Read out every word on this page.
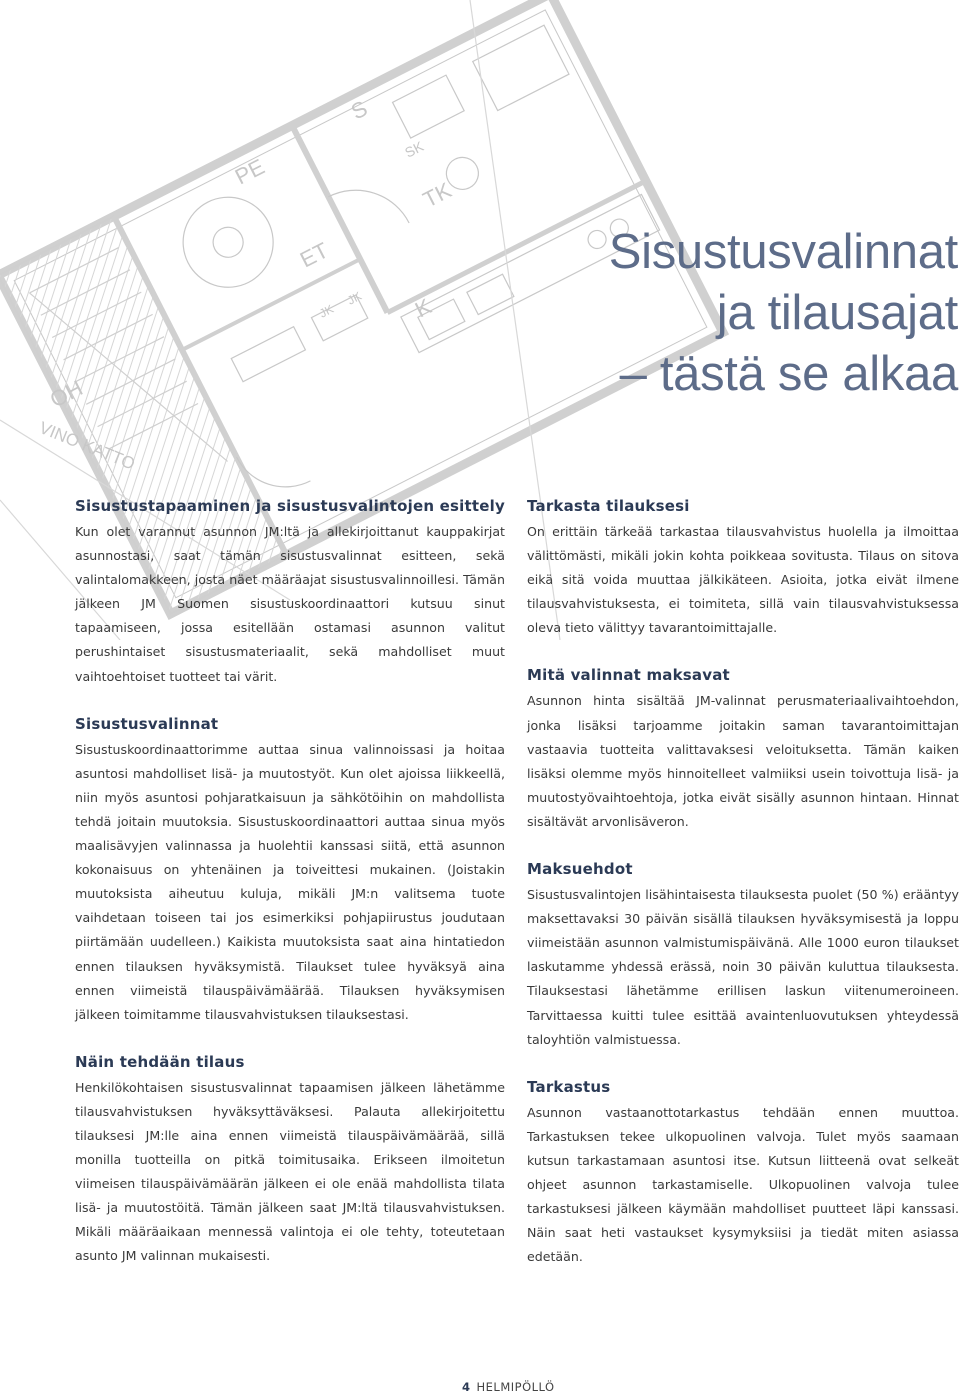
PE
S
SK
TK
ET
K
OH
VINO KATTO
JK
JK
Sisustusvalinnat
ja tilausajat
– tästä se alkaa
Sisustustapaaminen ja sisustusvalintojen esittely

Kun olet varannut asunnon JM:ltä ja allekirjoittanut kauppakirjat asunnostasi, saat tämän sisustusvalinnat esitteen, sekä valintalomakkeen, josta näet määräajat sisustusvalinnoillesi. Tämän jälkeen JM Suomen sisustuskoordinaattori kutsuu sinut tapaamiseen, jossa esitellään ostamasi asunnon valitut perushintaiset sisustusmateriaalit, sekä mahdolliset muut vaihtoehtoiset tuotteet tai värit.

Sisustusvalinnat

Sisustuskoordinaattorimme auttaa sinua valinnoissasi ja hoitaa asuntosi mahdolliset lisä- ja muutostyöt. Kun olet ajoissa liikkeellä, niin myös asuntosi pohjaratkaisuun ja sähkötöihin on mahdollista tehdä joitain muutoksia. Sisustuskoordinaattori auttaa sinua myös maalisävyjen valinnassa ja huolehtii kanssasi siitä, että asunnon kokonaisuus on yhtenäinen ja toiveittesi mukainen. (Joistakin muutoksista aiheutuu kuluja, mikäli JM:n valitsema tuote vaihdetaan toiseen tai jos esimerkiksi pohjapiirustus joudutaan piirtämään uudelleen.) Kaikista muutoksista saat aina hintatiedon ennen tilauksen hyväksymistä. Tilaukset tulee hyväksyä aina ennen viimeistä tilauspäivämäärää. Tilauksen hyväksymisen jälkeen toimitamme tilausvahvistuksen tilauksestasi.

Näin tehdään tilaus

Henkilökohtaisen sisustusvalinnat tapaamisen jälkeen lähetämme tilausvahvistuksen hyväksyttäväksesi. Palauta allekirjoitettu tilauksesi JM:lle aina ennen viimeistä tilauspäivämäärää, sillä monilla tuotteilla on pitkä toimitusaika. Erikseen ilmoitetun viimeisen tilauspäivämäärän jälkeen ei ole enää mahdollista tilata lisä- ja muutostöitä. Tämän jälkeen saat JM:ltä tilausvahvistuksen. Mikäli määräaikaan mennessä valintoja ei ole tehty, toteutetaan asunto JM valinnan mukaisesti.

Tarkasta tilauksesi

On erittäin tärkeää tarkastaa tilausvahvistus huolella ja ilmoittaa välittömästi, mikäli jokin kohta poikkeaa sovitusta. Tilaus on sitova eikä sitä voida muuttaa jälkikäteen. Asioita, jotka eivät ilmene tilausvahvistuksesta, ei toimiteta, sillä vain tilausvahvistuksessa oleva tieto välittyy tavarantoimittajalle.

Mitä valinnat maksavat

Asunnon hinta sisältää JM-valinnat perusmateriaalivaihtoehdon, jonka lisäksi tarjoamme joitakin saman tavarantoimittajan vastaavia tuotteita valittavaksesi veloituksetta. Tämän kaiken lisäksi olemme myös hinnoitelleet valmiiksi usein toivottuja lisä- ja muutostyövaihtoehtoja, jotka eivät sisälly asunnon hintaan. Hinnat sisältävät arvonlisäveron.

Maksuehdot

Sisustusvalintojen lisähintaisesta tilauksesta puolet (50 %) erääntyy maksettavaksi 30 päivän sisällä tilauksen hyväksymisestä ja loppu viimeistään asunnon valmistumispäivänä. Alle 1000 euron tilaukset laskutamme yhdessä erässä, noin 30 päivän kuluttua tilauksesta. Tilauksestasi lähetämme erillisen laskun viitenumeroineen. Tarvittaessa kuitti tulee esittää avaintenluovutuksen yhteydessä taloyhtiön valmistuessa.

Tarkastus

Asunnon vastaanottotarkastus tehdään ennen muuttoa. Tarkastuksen tekee ulkopuolinen valvoja. Tulet myös saamaan kutsun tarkastamaan asuntosi itse. Kutsun liitteenä ovat selkeät ohjeet asunnon tarkastamiselle. Ulkopuolinen valvoja tulee tarkastuksesi jälkeen käymään mahdolliset puutteet läpi kanssasi. Näin saat heti vastaukset kysymyksiisi ja tiedät miten asiassa edetään.

4 HELMIPÖLLÖ
